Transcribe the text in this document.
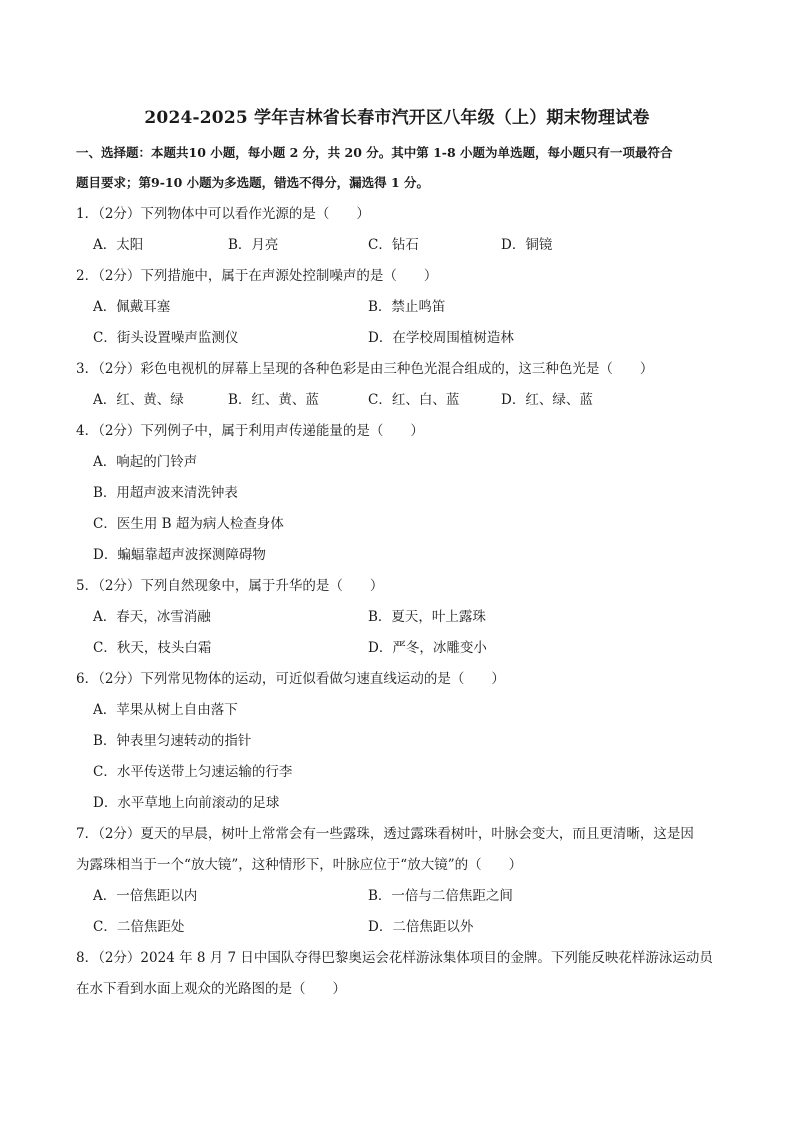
2024-2025 学年吉林省长春市汽开区八年级（上）期末物理试卷
一、选择题：本题共10 小题，每小题 2 分，共 20 分。其中第 1-8 小题为单选题，每小题只有一项最符合
题目要求；第9-10 小题为多选题，错选不得分，漏选得 1 分。
1．（2分）下列物体中可以看作光源的是（　　）
A．太阳	B．月亮	C．钻石	D．铜镜
2．（2分）下列措施中，属于在声源处控制噪声的是（　　）
A．佩戴耳塞	B．禁止鸣笛
C．街头设置噪声监测仪	D．在学校周围植树造林
3．（2分）彩色电视机的屏幕上呈现的各种色彩是由三种色光混合组成的，这三种色光是（　　）
A．红、黄、绿	B．红、黄、蓝	C．红、白、蓝	D．红、绿、蓝
4．（2分）下列例子中，属于利用声传递能量的是（　　）
A．响起的门铃声
B．用超声波来清洗钟表
C．医生用 B 超为病人检查身体
D．蝙蝠靠超声波探测障碍物
5．（2分）下列自然现象中，属于升华的是（　　）
A．春天，冰雪消融	B．夏天，叶上露珠
C．秋天，枝头白霜	D．严冬，冰雕变小
6．（2分）下列常见物体的运动，可近似看做匀速直线运动的是（　　）
A．苹果从树上自由落下
B．钟表里匀速转动的指针
C．水平传送带上匀速运输的行李
D．水平草地上向前滚动的足球
7．（2分）夏天的早晨，树叶上常常会有一些露珠，透过露珠看树叶，叶脉会变大，而且更清晰，这是因
为露珠相当于一个“放大镜”，这种情形下，叶脉应位于“放大镜”的（　　）
A．一倍焦距以内	B．一倍与二倍焦距之间
C．二倍焦距处	D．二倍焦距以外
8．（2分）2024 年 8 月 7 日中国队夺得巴黎奥运会花样游泳集体项目的金牌。下列能反映花样游泳运动员
在水下看到水面上观众的光路图的是（　　）
